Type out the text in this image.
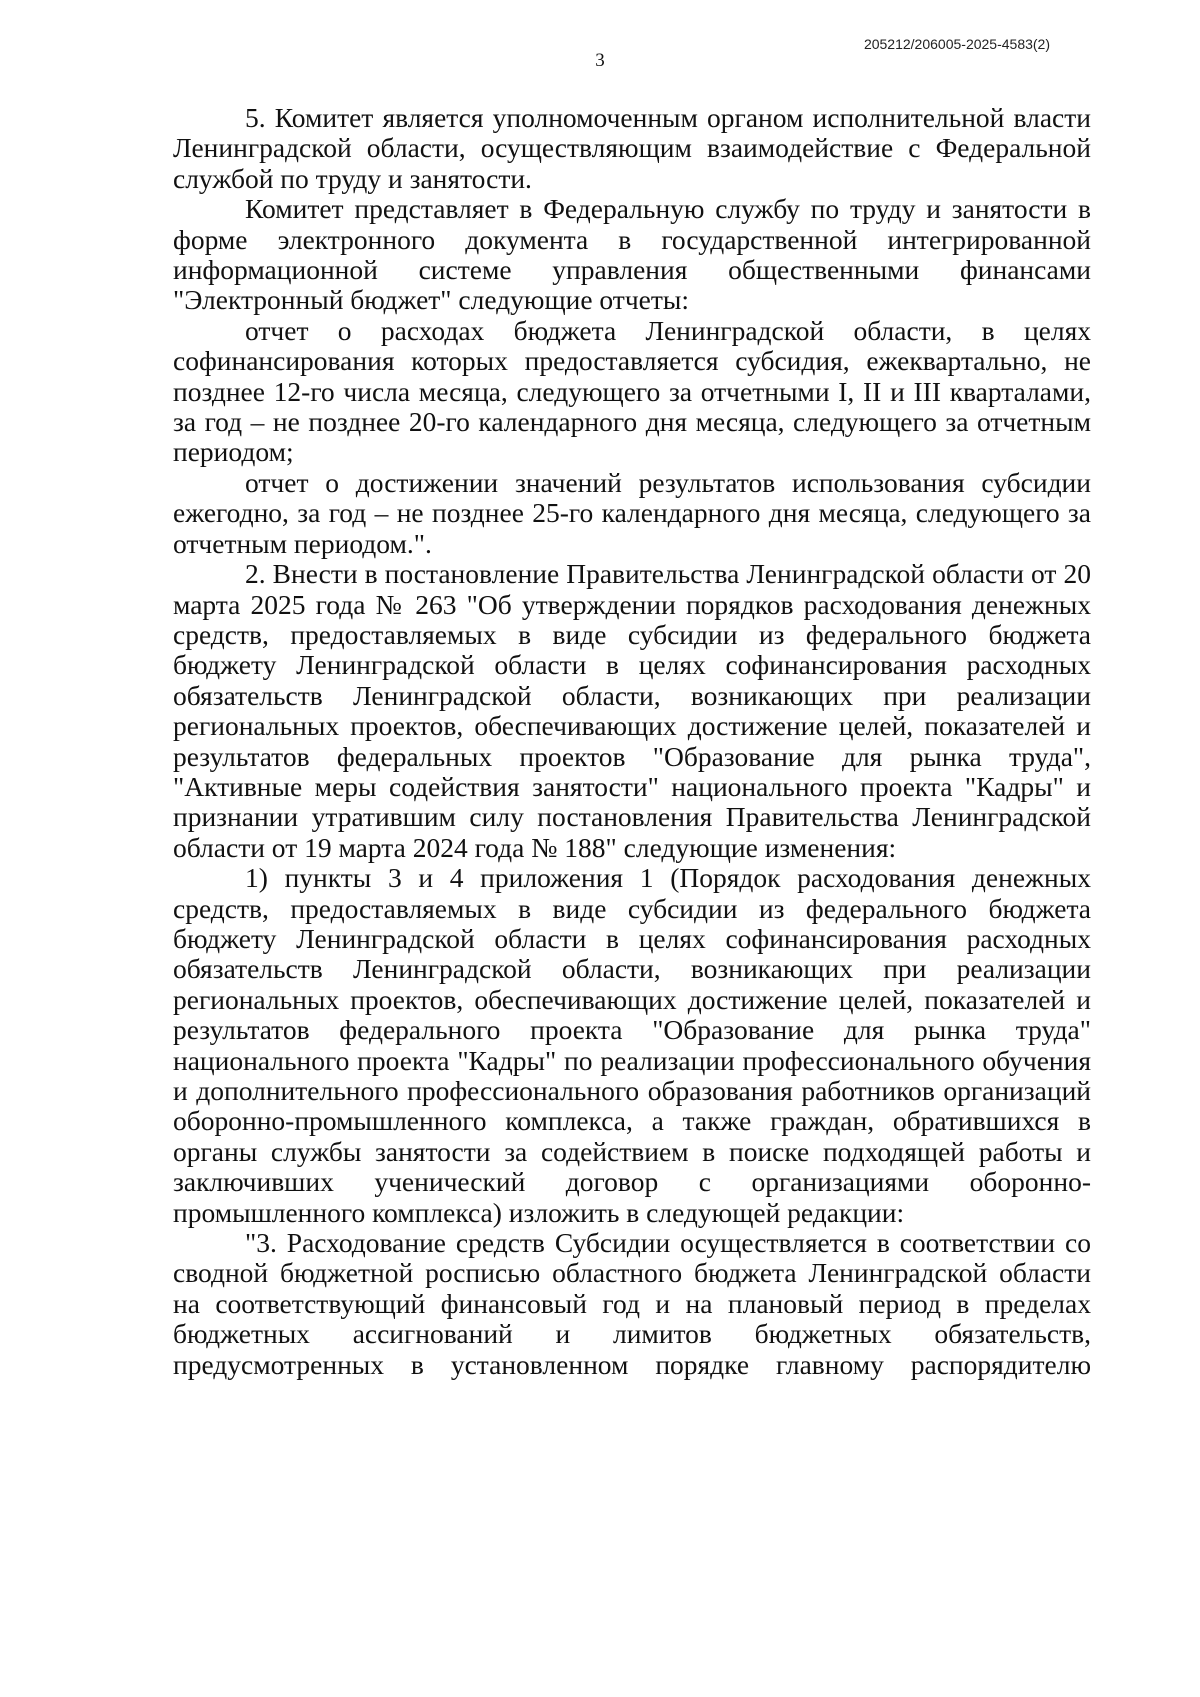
205212/206005-2025-4583(2)
3

5. Комитет является уполномоченным органом исполнительной власти Ленинградской области, осуществляющим взаимодействие с Федеральной службой по труду и занятости.

Комитет представляет в Федеральную службу по труду и занятости в форме электронного документа в государственной интегрированной информационной системе управления общественными финансами "Электронный бюджет" следующие отчеты:

отчет о расходах бюджета Ленинградской области, в целях софинансирования которых предоставляется субсидия, ежеквартально, не позднее 12-го числа месяца, следующего за отчетными I, II и III кварталами, за год – не позднее 20-го календарного дня месяца, следующего за отчетным периодом;

отчет о достижении значений результатов использования субсидии ежегодно, за год – не позднее 25-го календарного дня месяца, следующего за отчетным периодом.".

2. Внести в постановление Правительства Ленинградской области от 20 марта 2025 года № 263 "Об утверждении порядков расходования денежных средств, предоставляемых в виде субсидии из федерального бюджета бюджету Ленинградской области в целях софинансирования расходных обязательств Ленинградской области, возникающих при реализации региональных проектов, обеспечивающих достижение целей, показателей и результатов федеральных проектов "Образование для рынка труда", "Активные меры содействия занятости" национального проекта "Кадры" и признании утратившим силу постановления Правительства Ленинградской области от 19 марта 2024 года № 188" следующие изменения:

1) пункты 3 и 4 приложения 1 (Порядок расходования денежных средств, предоставляемых в виде субсидии из федерального бюджета бюджету Ленинградской области в целях софинансирования расходных обязательств Ленинградской области, возникающих при реализации региональных проектов, обеспечивающих достижение целей, показателей и результатов федерального проекта "Образование для рынка труда" национального проекта "Кадры" по реализации профессионального обучения и дополнительного профессионального образования работников организаций оборонно-промышленного комплекса, а также граждан, обратившихся в органы службы занятости за содействием в поиске подходящей работы и заключивших ученический договор с организациями оборонно-промышленного комплекса) изложить в следующей редакции:

"3. Расходование средств Субсидии осуществляется в соответствии со сводной бюджетной росписью областного бюджета Ленинградской области на соответствующий финансовый год и на плановый период в пределах бюджетных ассигнований и лимитов бюджетных обязательств, предусмотренных в установленном порядке главному распорядителю
